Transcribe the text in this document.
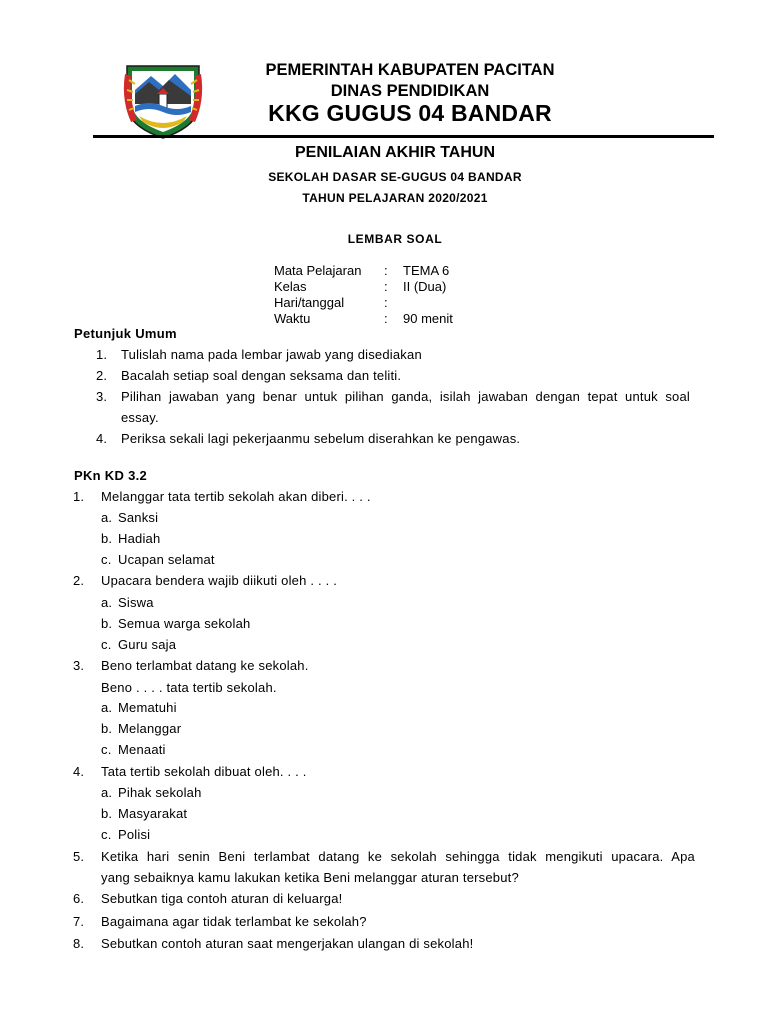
PEMERINTAH KABUPATEN PACITAN
DINAS PENDIDIKAN
KKG GUGUS 04 BANDAR
PENILAIAN AKHIR TAHUN
SEKOLAH DASAR SE-GUGUS 04 BANDAR
TAHUN PELAJARAN 2020/2021
LEMBAR SOAL
Mata Pelajaran	: TEMA 6
Kelas	: II (Dua)
Hari/tanggal	:
Waktu	: 90 menit
Petunjuk Umum
1. Tulislah nama pada lembar jawab yang disediakan
2. Bacalah setiap soal dengan seksama dan teliti.
3. Pilihan jawaban yang benar untuk pilihan ganda, isilah jawaban dengan tepat untuk soal
essay.
4. Periksa sekali lagi pekerjaanmu sebelum diserahkan ke pengawas.
PKn KD 3.2
1. Melanggar tata tertib sekolah akan diberi. . . .
a. Sanksi
b. Hadiah
c. Ucapan selamat
2. Upacara bendera wajib diikuti oleh . . . .
a. Siswa
b. Semua warga sekolah
c. Guru saja
3. Beno terlambat datang ke sekolah.
Beno . . . . tata tertib sekolah.
a. Mematuhi
b. Melanggar
c. Menaati
4. Tata tertib sekolah dibuat oleh. . . .
a. Pihak sekolah
b. Masyarakat
c. Polisi
5. Ketika hari senin Beni terlambat datang ke sekolah sehingga tidak mengikuti upacara. Apa
yang sebaiknya kamu lakukan ketika Beni melanggar aturan tersebut?
6. Sebutkan tiga contoh aturan di keluarga!
7. Bagaimana agar tidak terlambat ke sekolah?
8. Sebutkan contoh aturan saat mengerjakan ulangan di sekolah!
